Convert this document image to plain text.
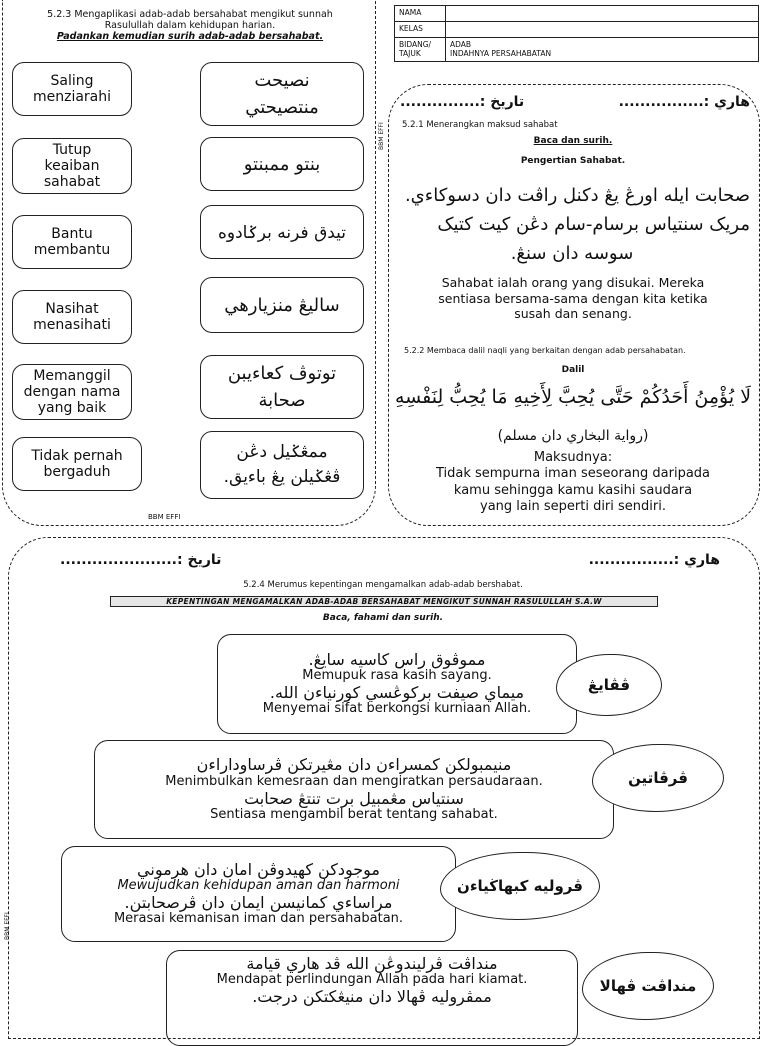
NAMA	
KELAS	
BIDANG/ TAJUK	ADAB
INDAHNYA PERSAHABATAN
5.2.3 Mengaplikasi adab-adab bersahabat mengikut sunnah
Rasulullah dalam kehidupan harian.
Padankan kemudian surih adab-adab bersahabat.
Saling
menziarahi
Tutup
keaiban
sahabat
Bantu
membantu
Nasihat
menasihati
Memanggil
dengan nama
yang baik
Tidak pernah
bergaduh
نصيحت
منتصيحتي
بنتو ممبنتو
تيدق فرنه برݢادوه
ساليڠ منزيارهي
توتوڤ كعاءيبن
صحابة
ممڠݢيل دڠن
ڤڠݢيلن يڠ باءيق.
BBM EFFI
هاري :................
تاريخ :...............
5.2.1 Menerangkan maksud sahabat
Baca dan surih.
Pengertian Sahabat.
صحابت ايله اورڠ يڠ دكنل راڤت دان دسوكاءي.
مريک سنتياس برسام-سام دڠن كيت كتيک
سوسه دان سنڠ.
Sahabat ialah orang yang disukai. Mereka
sentiasa bersama-sama dengan kita ketika
susah dan senang.
5.2.2 Membaca dalil naqli yang berkaitan dengan adab persahabatan.
Dalil
لَا يُؤْمِنُ أَحَدُكُمْ حَتَّى يُحِبَّ لِأَخِيهِ مَا يُحِبُّ لِنَفْسِهِ
(رواية البخاري دان مسلم)
Maksudnya:
Tidak sempurna iman seseorang daripada
kamu sehingga kamu kasihi saudara
yang lain seperti diri sendiri.
BBM EFFI
هاري :................
تاريخ :......................
5.2.4 Merumus kepentingan mengamalkan adab-adab bershabat.
KEPENTINGAN MENGAMALKAN ADAB-ADAB BERSAHABAT MENGIKUT SUNNAH RASULULLAH S.A.W
Baca, fahami dan surih.
BBM EFFI
مموڤوق راس كاسيه سايڠ.
Memupuk rasa kasih sayang.
ميماي صيفت بركوڠسي كورنياءن الله.
Menyemai sifat berkongsi kurniaan Allah.
ڤڤايڠ
منيمبولكن كمسراءن دان مڠيرتكن ڤرساوداراءن
Menimbulkan kemesraan dan mengiratkan persaudaraan.
سنتياس مڠمبيل برت تنتڠ صحابت
Sentiasa mengambil berat tentang sahabat.
ڤرڤاتين
موجودكن كهيدوڤن امان دان هرموني
Mewujudkan kehidupan aman dan harmoni
مراساءي كمانيسن ايمان دان ڤرصحابتن.
Merasai kemanisan iman dan persahabatan.
ڤروليه كبهاڬياءن
منداڤت ڤرليندوڠن الله ڤد هاري قيامة
Mendapat perlindungan Allah pada hari kiamat.
ممڤرولیه ڤهالا دان منيڠكتكن درجت.
منداڤت ڤهالا
